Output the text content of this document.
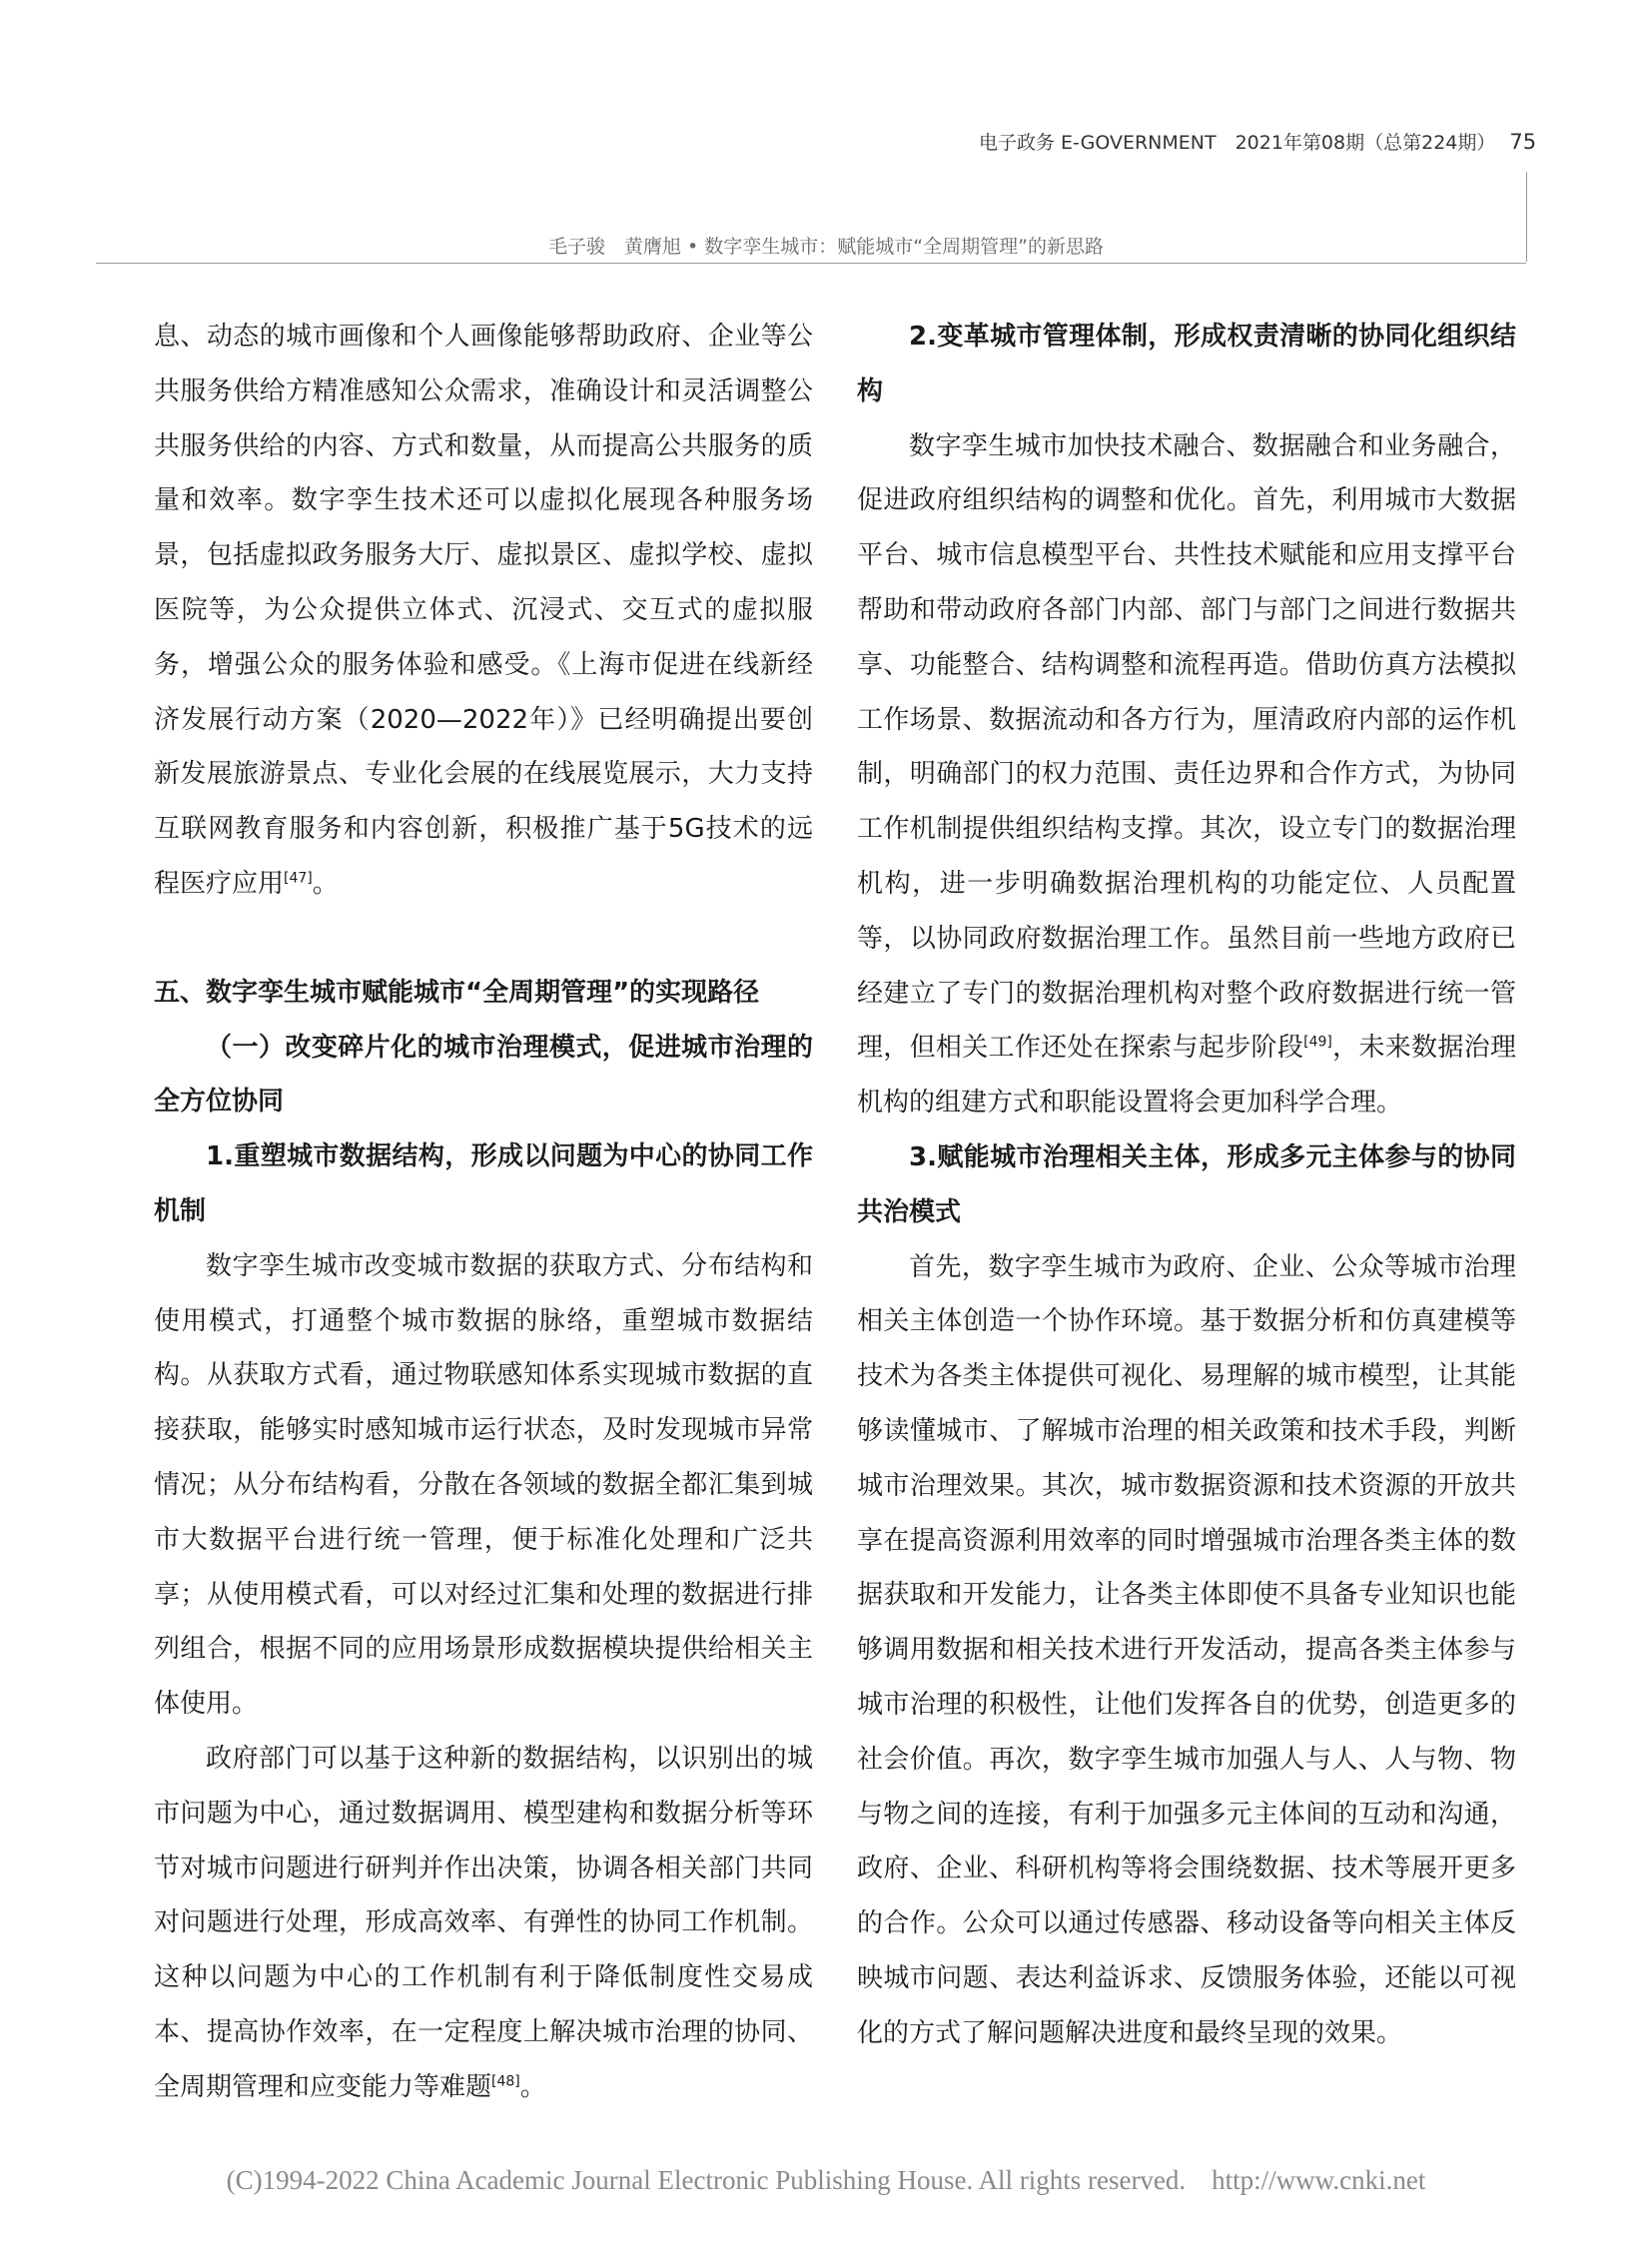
电子政务 E-GOVERNMENT　2021年第08期（总第224期） 75
毛子骏　黄膺旭 • 数字孪生城市：赋能城市“全周期管理”的新思路

息、动态的城市画像和个人画像能够帮助政府、企业等公共服务供给方精准感知公众需求，准确设计和灵活调整公共服务供给的内容、方式和数量，从而提高公共服务的质量和效率。数字孪生技术还可以虚拟化展现各种服务场景，包括虚拟政务服务大厅、虚拟景区、虚拟学校、虚拟医院等，为公众提供立体式、沉浸式、交互式的虚拟服务，增强公众的服务体验和感受。《上海市促进在线新经济发展行动方案（2020—2022年）》已经明确提出要创新发展旅游景点、专业化会展的在线展览展示，大力支持互联网教育服务和内容创新，积极推广基于5G技术的远程医疗应用[47]。

五、数字孪生城市赋能城市“全周期管理”的实现路径

（一）改变碎片化的城市治理模式，促进城市治理的全方位协同

1.重塑城市数据结构，形成以问题为中心的协同工作机制

数字孪生城市改变城市数据的获取方式、分布结构和使用模式，打通整个城市数据的脉络，重塑城市数据结构。从获取方式看，通过物联感知体系实现城市数据的直接获取，能够实时感知城市运行状态，及时发现城市异常情况；从分布结构看，分散在各领域的数据全都汇集到城市大数据平台进行统一管理，便于标准化处理和广泛共享；从使用模式看，可以对经过汇集和处理的数据进行排列组合，根据不同的应用场景形成数据模块提供给相关主体使用。

政府部门可以基于这种新的数据结构，以识别出的城市问题为中心，通过数据调用、模型建构和数据分析等环节对城市问题进行研判并作出决策，协调各相关部门共同对问题进行处理，形成高效率、有弹性的协同工作机制。这种以问题为中心的工作机制有利于降低制度性交易成本、提高协作效率，在一定程度上解决城市治理的协同、全周期管理和应变能力等难题[48]。

2.变革城市管理体制，形成权责清晰的协同化组织结构

数字孪生城市加快技术融合、数据融合和业务融合，促进政府组织结构的调整和优化。首先，利用城市大数据平台、城市信息模型平台、共性技术赋能和应用支撑平台帮助和带动政府各部门内部、部门与部门之间进行数据共享、功能整合、结构调整和流程再造。借助仿真方法模拟工作场景、数据流动和各方行为，厘清政府内部的运作机制，明确部门的权力范围、责任边界和合作方式，为协同工作机制提供组织结构支撑。其次，设立专门的数据治理机构，进一步明确数据治理机构的功能定位、人员配置等，以协同政府数据治理工作。虽然目前一些地方政府已经建立了专门的数据治理机构对整个政府数据进行统一管理，但相关工作还处在探索与起步阶段[49]，未来数据治理机构的组建方式和职能设置将会更加科学合理。

3.赋能城市治理相关主体，形成多元主体参与的协同共治模式

首先，数字孪生城市为政府、企业、公众等城市治理相关主体创造一个协作环境。基于数据分析和仿真建模等技术为各类主体提供可视化、易理解的城市模型，让其能够读懂城市、了解城市治理的相关政策和技术手段，判断城市治理效果。其次，城市数据资源和技术资源的开放共享在提高资源利用效率的同时增强城市治理各类主体的数据获取和开发能力，让各类主体即使不具备专业知识也能够调用数据和相关技术进行开发活动，提高各类主体参与城市治理的积极性，让他们发挥各自的优势，创造更多的社会价值。再次，数字孪生城市加强人与人、人与物、物与物之间的连接，有利于加强多元主体间的互动和沟通，政府、企业、科研机构等将会围绕数据、技术等展开更多的合作。公众可以通过传感器、移动设备等向相关主体反映城市问题、表达利益诉求、反馈服务体验，还能以可视化的方式了解问题解决进度和最终呈现的效果。

(C)1994-2022 China Academic Journal Electronic Publishing House. All rights reserved. http://www.cnki.net
